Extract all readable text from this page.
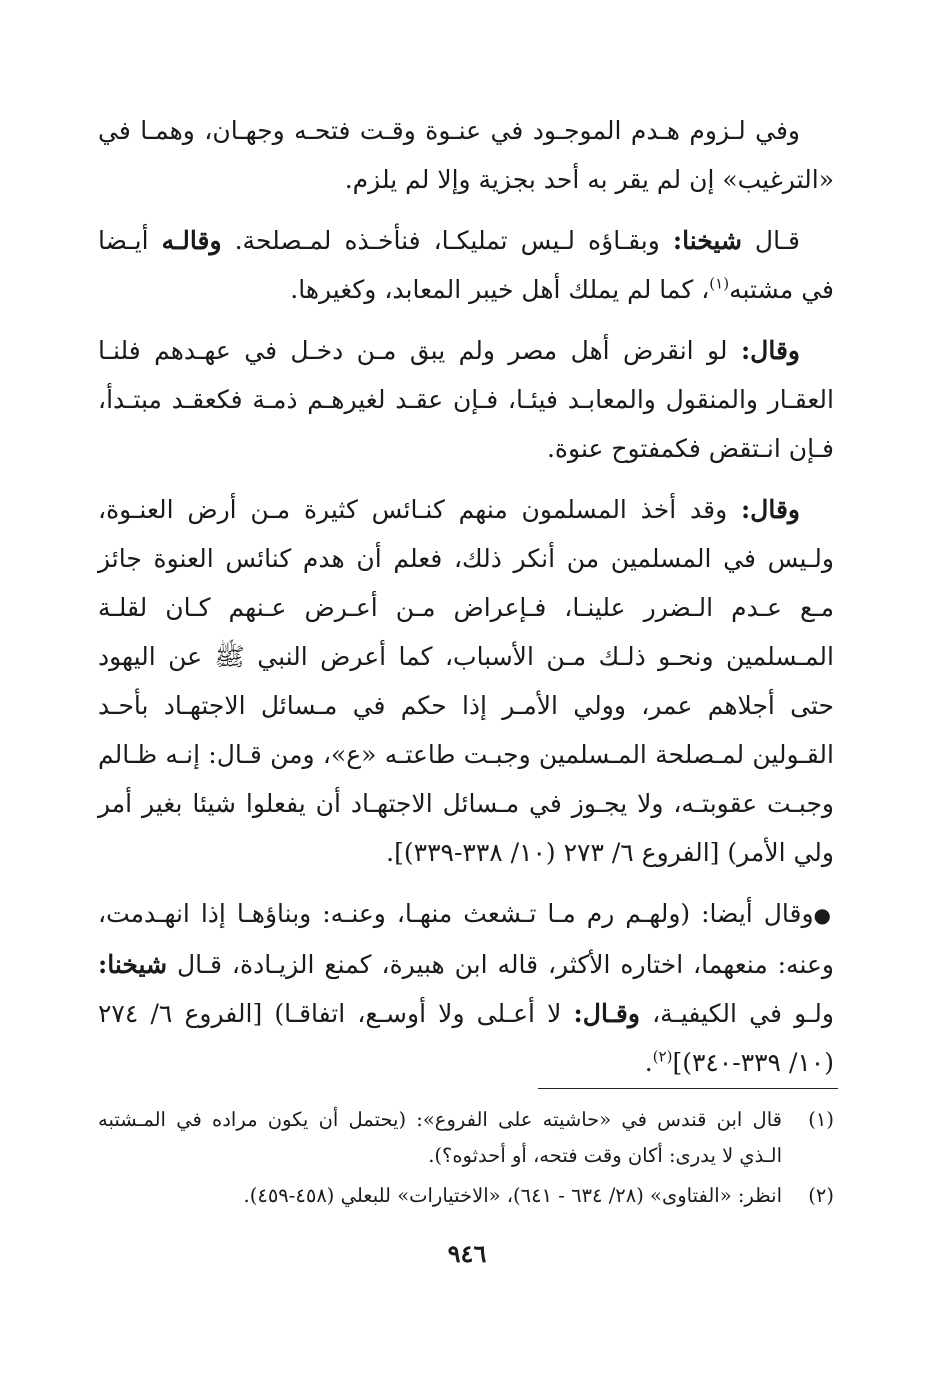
وفي لـزوم هـدم الموجـود في عنـوة وقـت فتحـه وجهـان، وهمـا في «الترغيب» إن لم يقر به أحد بجزية وإلا لم يلزم.

قـال شيخنا: وبقـاؤه لـيس تمليكـا، فنأخـذه لمـصلحة. وقالـه أيـضا في مشتبه$^{(١)}$، كما لم يملك أهل خيبر المعابد، وكغيرها.

وقال: لو انقرض أهل مصر ولم يبق مـن دخـل في عهـدهم فلنـا العقـار والمنقول والمعابـد فيئـا، فـإن عقـد لغيرهـم ذمـة فكعقـد مبتـدأ، فـإن انـتقض فكمفتوح عنوة.

وقال: وقد أخذ المسلمون منهم كنـائس كثيرة مـن أرض العنـوة، ولـيس في المسلمين من أنكر ذلك، فعلم أن هدم كنائس العنوة جائز مـع عـدم الـضرر علينـا، فـإعراض مـن أعـرض عـنهم كـان لقلـة المـسلمين ونحـو ذلـك مـن الأسباب، كما أعرض النبي ﷺ عن اليهود حتى أجلاهم عمر، وولي الأمـر إذا حكم في مـسائل الاجتهـاد بأحـد القـولين لمـصلحة المـسلمين وجبـت طاعتـه «ع»، ومن قـال: إنـه ظـالم وجبـت عقوبتـه، ولا يجـوز في مـسائل الاجتهـاد أن يفعلوا شيئا بغير أمر ولي الأمر) [الفروع ٦/ ٢٧٣ (١٠/ ٣٣٨-٣٣٩)].

●وقال أيضا: (ولهـم رم مـا تـشعث منهـا، وعنـه: وبناؤهـا إذا انهـدمت، وعنه: منعهما، اختاره الأكثر، قاله ابن هبيرة، كمنع الزيـادة، قـال شيخنا: ولـو في الكيفيـة، وقـال: لا أعـلى ولا أوسـع، اتفاقـا) [الفروع ٦/ ٢٧٤ (١٠/ ٣٣٩-٣٤٠)]$^{(٢)}$.

(١)
قال ابن قندس في «حاشيته على الفروع»: (يحتمل أن يكون مراده في المـشتبه الـذي لا يدرى: أكان وقت فتحه، أو أحدثوه؟).

(٢)
انظر: «الفتاوى» (٢٨/ ٦٣٤ - ٦٤١)، «الاختيارات» للبعلي (٤٥٨-٤٥٩).

٩٤٦
